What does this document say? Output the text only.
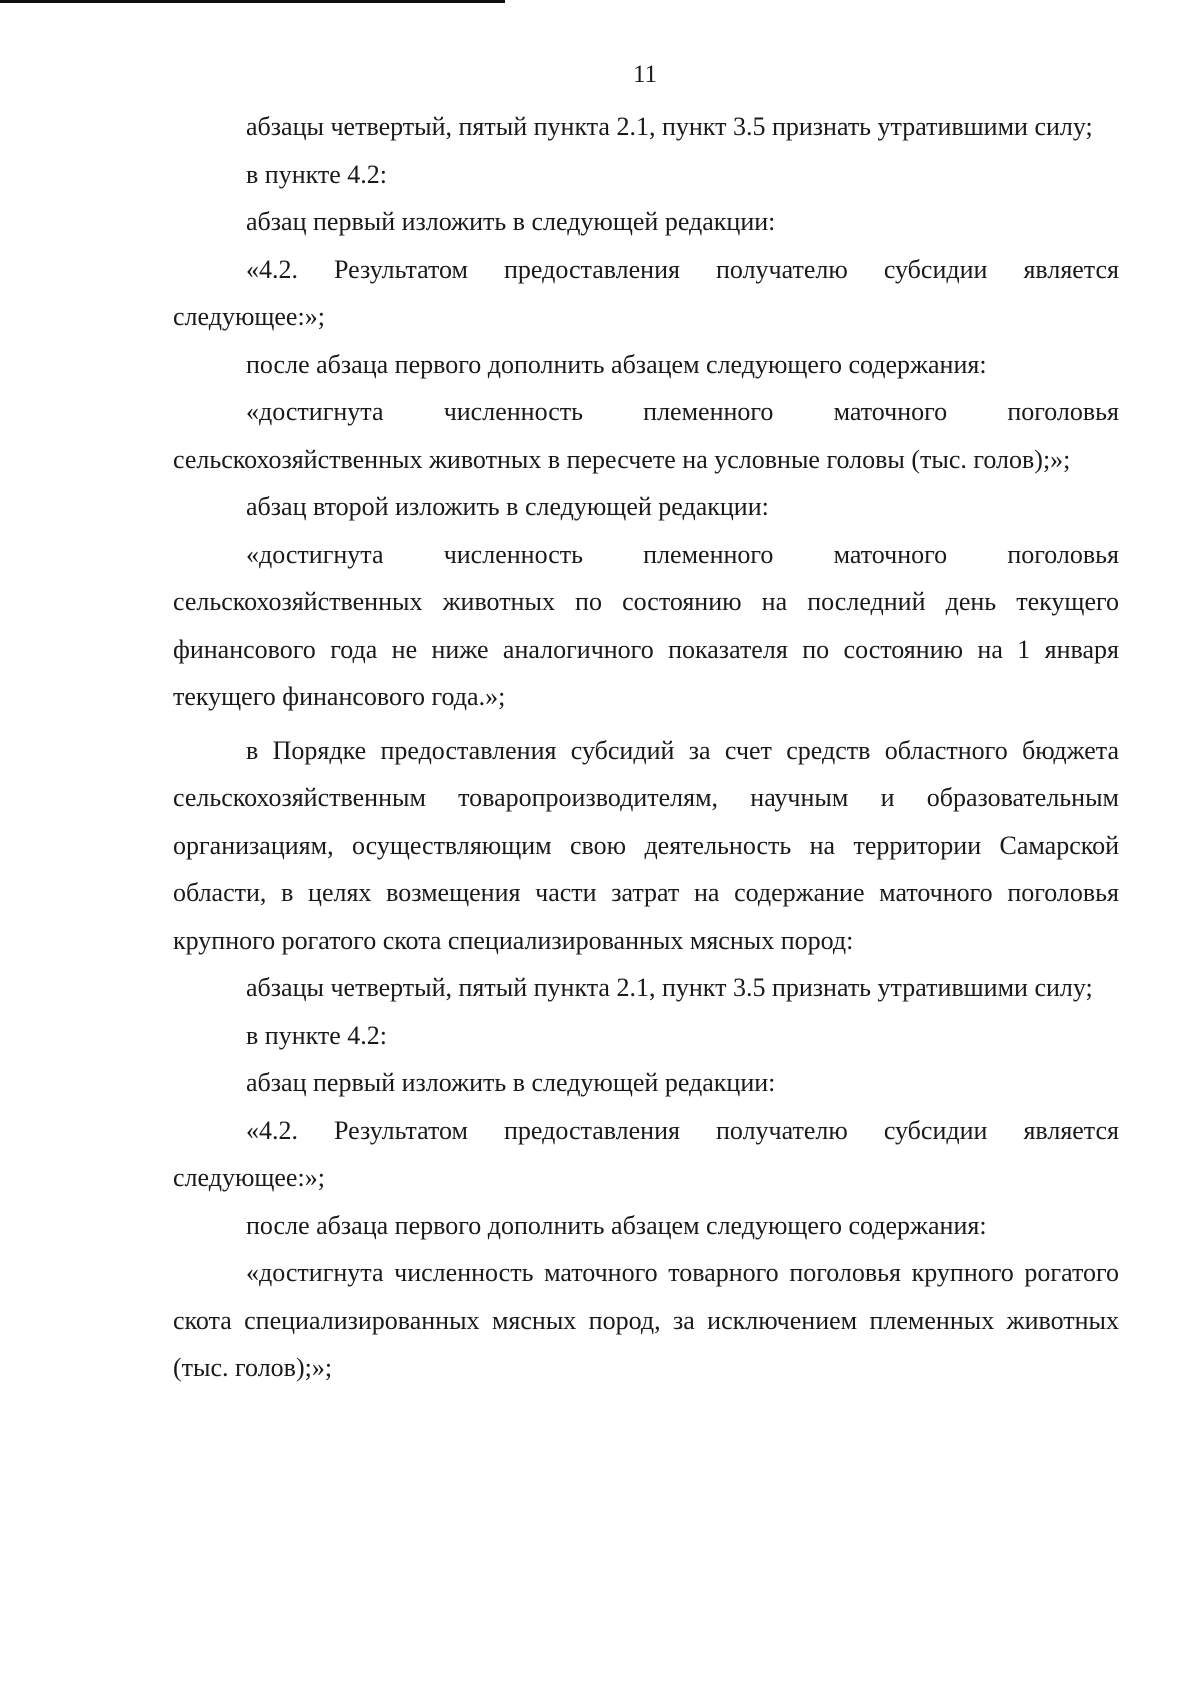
11

абзацы четвертый, пятый пункта 2.1, пункт 3.5 признать утратившими силу;

в пункте 4.2:

абзац первый изложить в следующей редакции:

«4.2. Результатом предоставления получателю субсидии является следующее:»;

после абзаца первого дополнить абзацем следующего содержания:

«достигнута численность племенного маточного поголовья сельскохозяйственных животных в пересчете на условные головы (тыс. голов);»;

абзац второй изложить в следующей редакции:

«достигнута численность племенного маточного поголовья сельскохозяйственных животных по состоянию на последний день текущего финансового года не ниже аналогичного показателя по состоянию на 1 января текущего финансового года.»;

в Порядке предоставления субсидий за счет средств областного бюджета сельскохозяйственным товаропроизводителям, научным и образовательным организациям, осуществляющим свою деятельность на территории Самарской области, в целях возмещения части затрат на содержание маточного поголовья крупного рогатого скота специализированных мясных пород:

абзацы четвертый, пятый пункта 2.1, пункт 3.5 признать утратившими силу;

в пункте 4.2:

абзац первый изложить в следующей редакции:

«4.2. Результатом предоставления получателю субсидии является следующее:»;

после абзаца первого дополнить абзацем следующего содержания:

«достигнута численность маточного товарного поголовья крупного рогатого скота специализированных мясных пород, за исключением племенных животных (тыс. голов);»;
